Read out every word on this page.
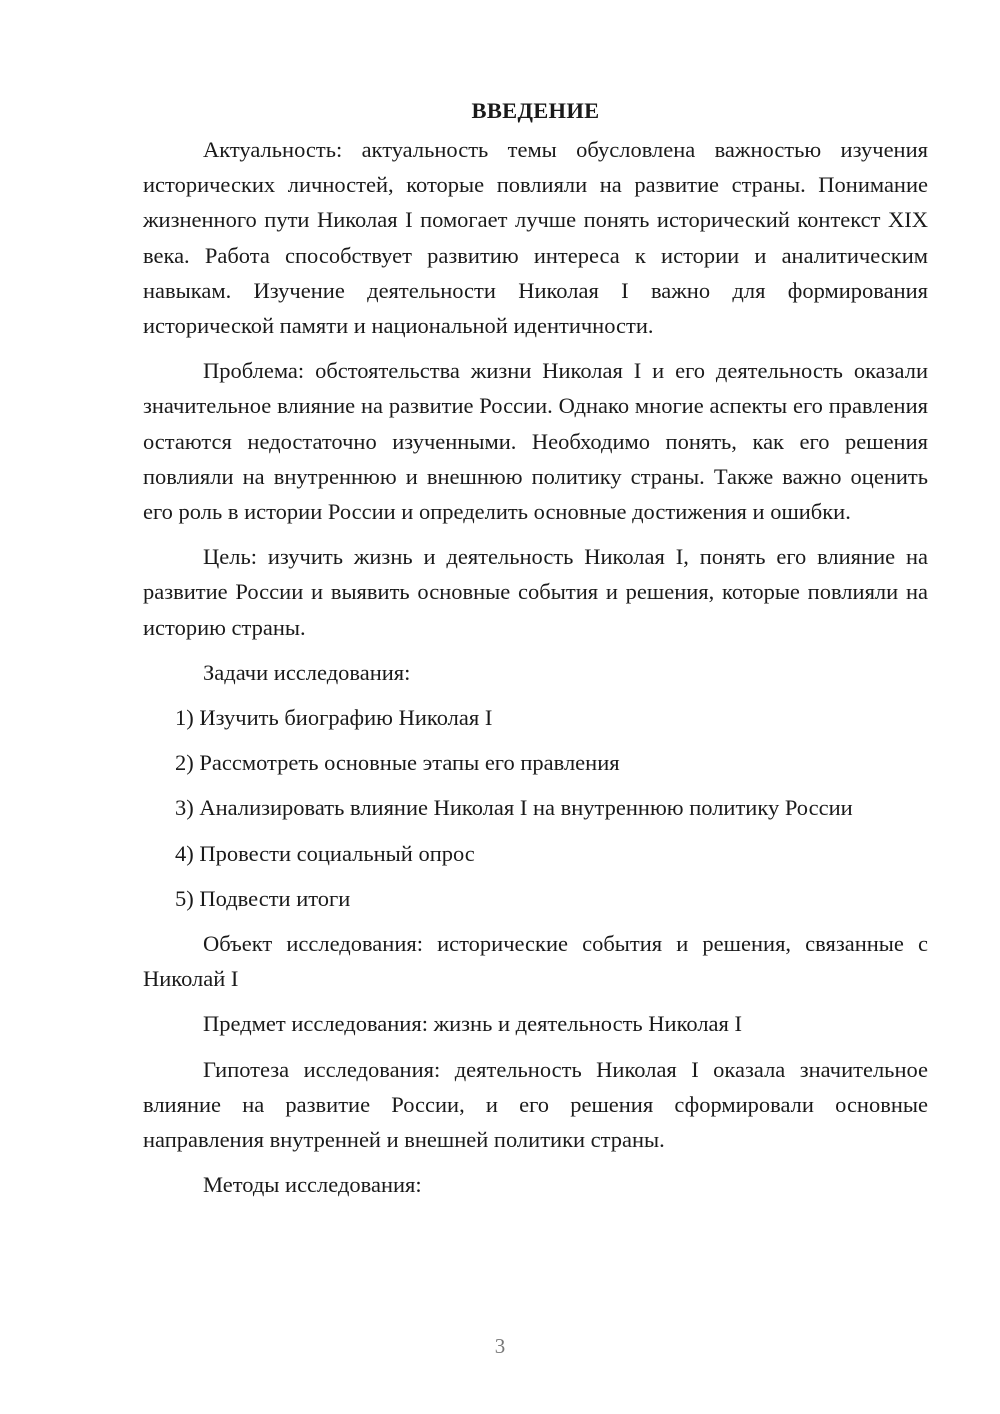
ВВЕДЕНИЕ

Актуальность: актуальность темы обусловлена важностью изучения исторических личностей, которые повлияли на развитие страны. Понимание жизненного пути Николая I помогает лучше понять исторический контекст XIX века. Работа способствует развитию интереса к истории и аналитическим навыкам. Изучение деятельности Николая I важно для формирования исторической памяти и национальной идентичности.

Проблема: обстоятельства жизни Николая I и его деятельность оказали значительное влияние на развитие России. Однако многие аспекты его правления остаются недостаточно изученными. Необходимо понять, как его решения повлияли на внутреннюю и внешнюю политику страны. Также важно оценить его роль в истории России и определить основные достижения и ошибки.

Цель: изучить жизнь и деятельность Николая I, понять его влияние на развитие России и выявить основные события и решения, которые повлияли на историю страны.

Задачи исследования:

1) Изучить биографию Николая I
2) Рассмотреть основные этапы его правления
3) Анализировать влияние Николая I на внутреннюю политику России
4) Провести социальный опрос
5) Подвести итоги

Объект исследования: исторические события и решения, связанные с Николай I

Предмет исследования: жизнь и деятельность Николая I

Гипотеза исследования: деятельность Николая I оказала значительное влияние на развитие России, и его решения сформировали основные направления внутренней и внешней политики страны.

Методы исследования:

3
